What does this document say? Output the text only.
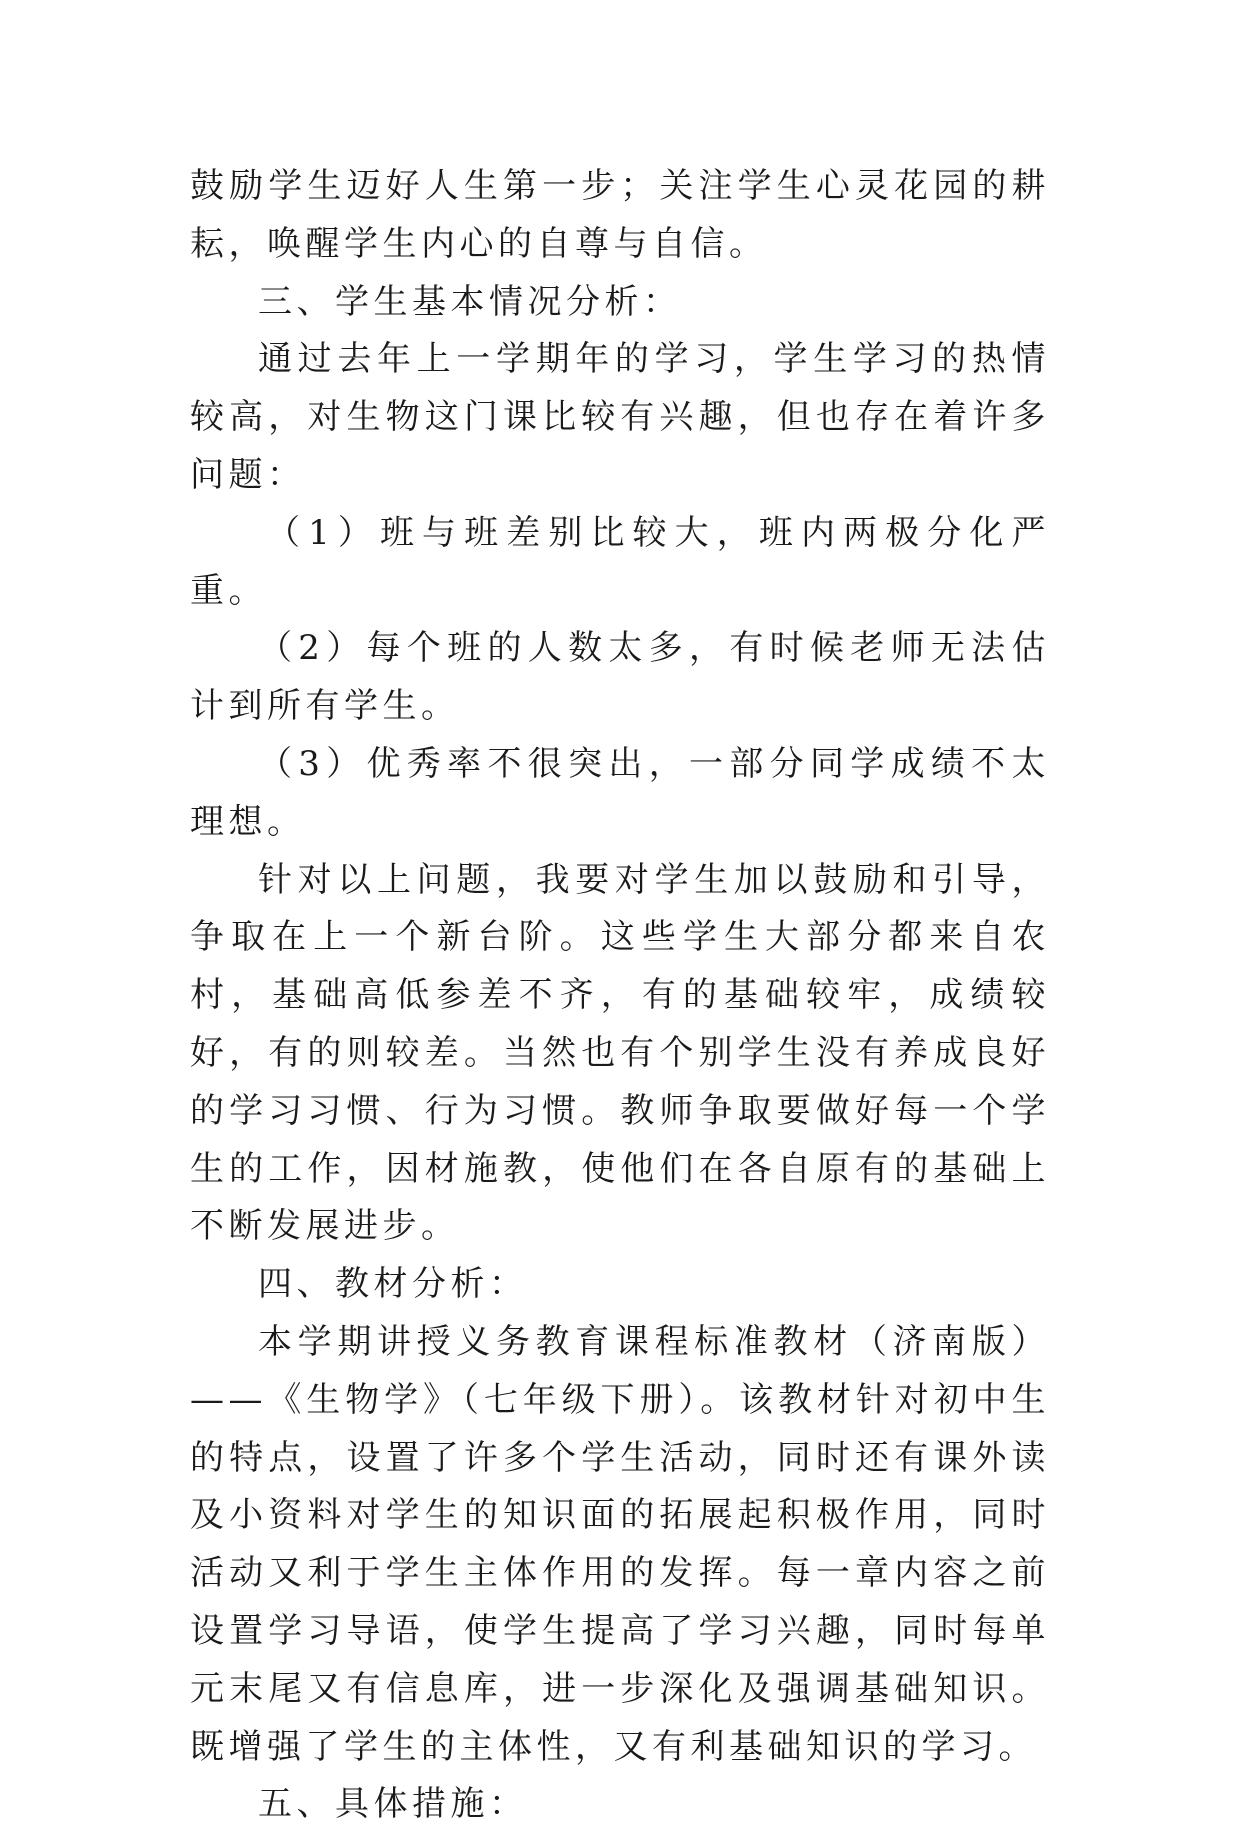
鼓励学生迈好人生第一步；关注学生心灵花园的耕耘，唤醒学生内心的自尊与自信。

三、学生基本情况分析：

通过去年上一学期年的学习，学生学习的热情较高，对生物这门课比较有兴趣，但也存在着许多问题：

（1）班与班差别比较大，班内两极分化严重。

（2）每个班的人数太多，有时候老师无法估计到所有学生。

（3）优秀率不很突出，一部分同学成绩不太理想。

针对以上问题，我要对学生加以鼓励和引导，争取在上一个新台阶。这些学生大部分都来自农村，基础高低参差不齐，有的基础较牢，成绩较好，有的则较差。当然也有个别学生没有养成良好的学习习惯、行为习惯。教师争取要做好每一个学生的工作，因材施教，使他们在各自原有的基础上不断发展进步。

四、教材分析：

本学期讲授义务教育课程标准教材（济南版）——《生物学》（七年级下册）。该教材针对初中生的特点，设置了许多个学生活动，同时还有课外读及小资料对学生的知识面的拓展起积极作用，同时活动又利于学生主体作用的发挥。每一章内容之前设置学习导语，使学生提高了学习兴趣，同时每单元末尾又有信息库，进一步深化及强调基础知识。既增强了学生的主体性，又有利基础知识的学习。

五、具体措施：
